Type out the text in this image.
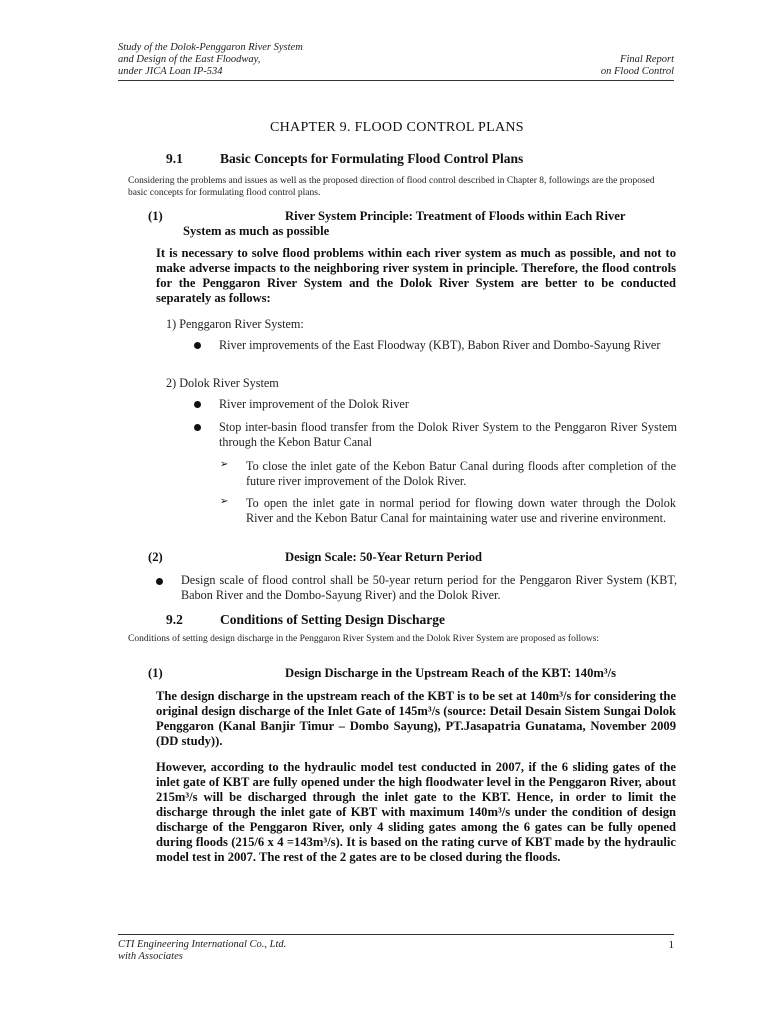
Study of the Dolok-Penggaron River System
and Design of the East Floodway,
under JICA Loan IP-534
Final Report
on Flood Control
CHAPTER 9. FLOOD CONTROL PLANS
9.1	Basic Concepts for Formulating Flood Control Plans
Considering the problems and issues as well as the proposed direction of flood control described in Chapter 8, followings are the proposed basic concepts for formulating flood control plans.
(1)	River System Principle: Treatment of Floods within Each River
System as much as possible
It is necessary to solve flood problems within each river system as much as possible, and not to make adverse impacts to the neighboring river system in principle. Therefore, the flood controls for the Penggaron River System and the Dolok River System are better to be conducted separately as follows:
1) Penggaron River System:
River improvements of the East Floodway (KBT), Babon River and Dombo-Sayung River
2) Dolok River System
River improvement of the Dolok River
Stop inter-basin flood transfer from the Dolok River System to the Penggaron River System through the Kebon Batur Canal
➢ To close the inlet gate of the Kebon Batur Canal during floods after completion of the future river improvement of the Dolok River.
➢ To open the inlet gate in normal period for flowing down water through the Dolok River and the Kebon Batur Canal for maintaining water use and riverine environment.
(2)	Design Scale: 50-Year Return Period
Design scale of flood control shall be 50-year return period for the Penggaron River System (KBT, Babon River and the Dombo-Sayung River) and the Dolok River.
9.2	Conditions of Setting Design Discharge
Conditions of setting design discharge in the Penggaron River System and the Dolok River System are proposed as follows:
(1)	Design Discharge in the Upstream Reach of the KBT: 140m³/s
The design discharge in the upstream reach of the KBT is to be set at 140m³/s for considering the original design discharge of the Inlet Gate of 145m³/s (source: Detail Desain Sistem Sungai Dolok Penggaron (Kanal Banjir Timur – Dombo Sayung), PT.Jasapatria Gunatama, November 2009 (DD study)).
However, according to the hydraulic model test conducted in 2007, if the 6 sliding gates of the inlet gate of KBT are fully opened under the high floodwater level in the Penggaron River, about 215m³/s will be discharged through the inlet gate to the KBT. Hence, in order to limit the discharge through the inlet gate of KBT with maximum 140m³/s under the condition of design discharge of the Penggaron River, only 4 sliding gates among the 6 gates can be fully opened during floods (215/6 x 4 =143m³/s). It is based on the rating curve of KBT made by the hydraulic model test in 2007. The rest of the 2 gates are to be closed during the floods.
CTI Engineering International Co., Ltd.
with Associates
1
